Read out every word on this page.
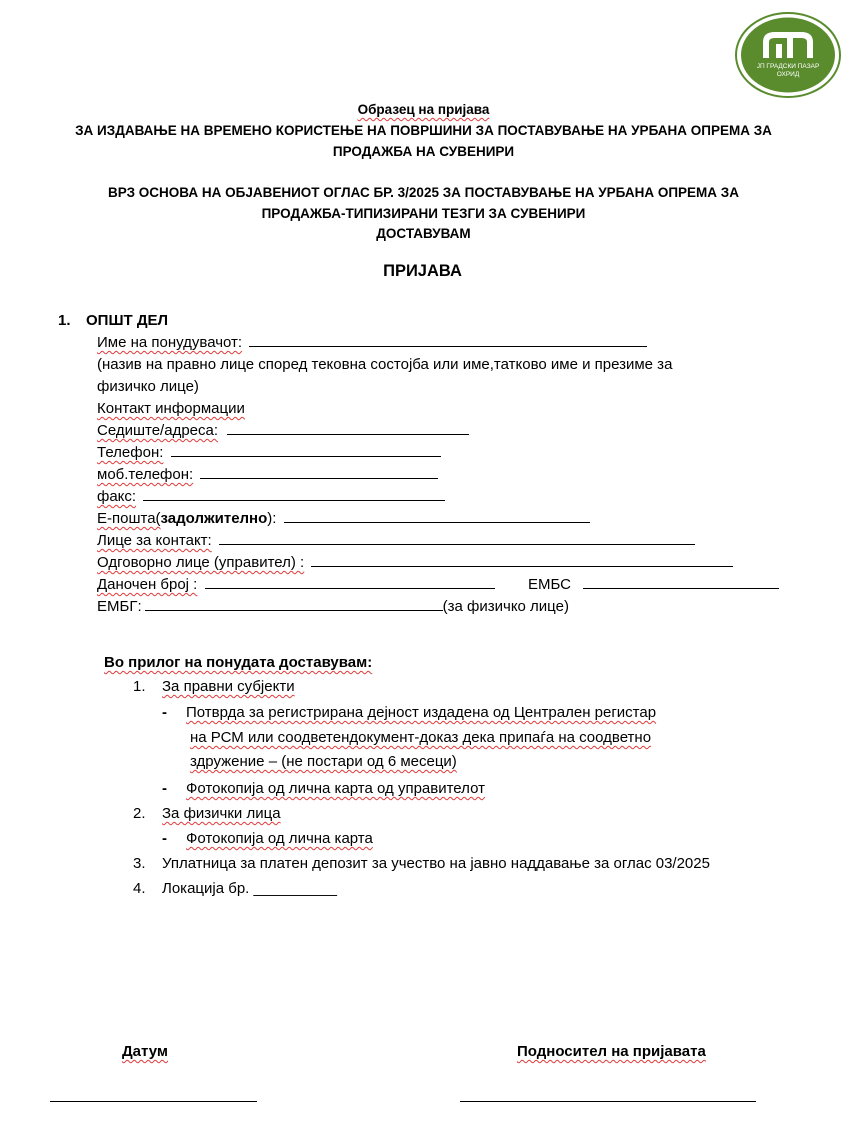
ЈП ГРАДСКИ ПАЗАР
ОХРИД
Образец на пријава
ЗА ИЗДАВАЊЕ НА ВРЕМЕНО КОРИСТЕЊЕ НА ПОВРШИНИ ЗА ПОСТАВУВАЊЕ НА УРБАНА ОПРЕМА ЗА
ПРОДАЖБА НА СУВЕНИРИ
ВРЗ ОСНОВА НА ОБЈАВЕНИОТ ОГЛАС БР. 3/2025 ЗА ПОСТАВУВАЊЕ НА УРБАНА ОПРЕМА ЗА
ПРОДАЖБА-ТИПИЗИРАНИ ТЕЗГИ ЗА СУВЕНИРИ
ДОСТАВУВАМ
ПРИЈАВА
1. ОПШТ ДЕЛ
Име на понудувачот:
(назив на правно лице според тековна состојба или име,татково име и презиме за
физичко лице)
Контакт информации
Седиште/адреса:
Телефон:
моб.телефон:
факс:
Е-пошта(задолжително):
Лице за контакт:
Одговорно лице (управител) :
Даночен број :	ЕМБС
ЕМБГ:	(за физичко лице)
Во прилог на понудата доставувам:
1. За правни субјекти
- Потврда за регистрирана дејност издадена од Централен регистар
на РСМ или соодветендокумент-доказ дека припаѓа на соодветно
здружение – (не постари од 6 месеци)
- Фотокопија од лична карта од управителот
2. За физички лица
- Фотокопија од лична карта
3. Уплатница за платен депозит за учество на јавно наддавање за оглас 03/2025
4. Локација бр. __________
Датум	Подносител на пријавата
